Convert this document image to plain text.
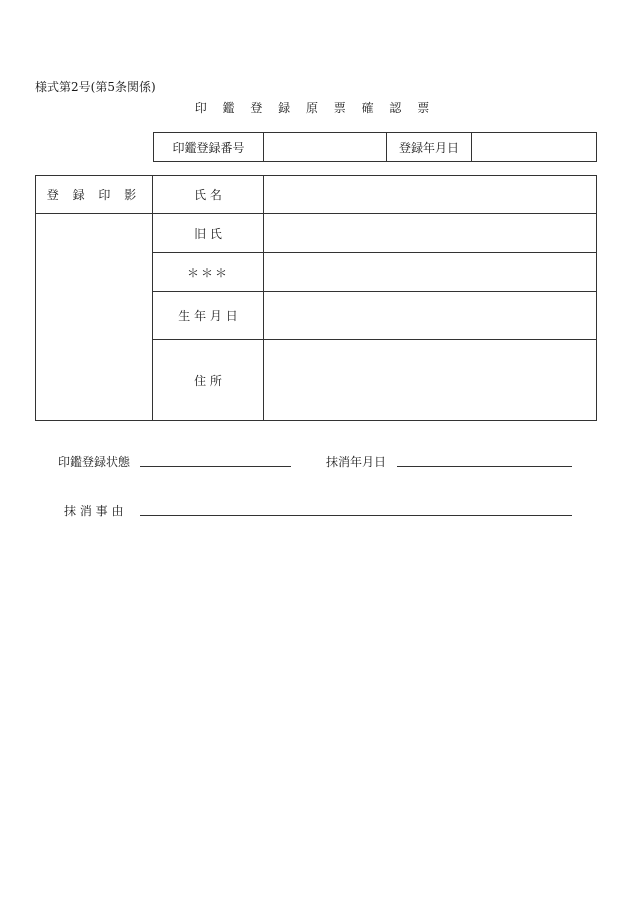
様式第2号(第5条関係)
印 鑑 登 録 原 票 確 認 票
印鑑登録番号		登録年月日	
登 録 印 影	氏 名	
	旧 氏	
	＊＊＊	
	生 年 月 日	
	住 所	
印鑑登録状態	抹消年月日
抹 消 事 由
